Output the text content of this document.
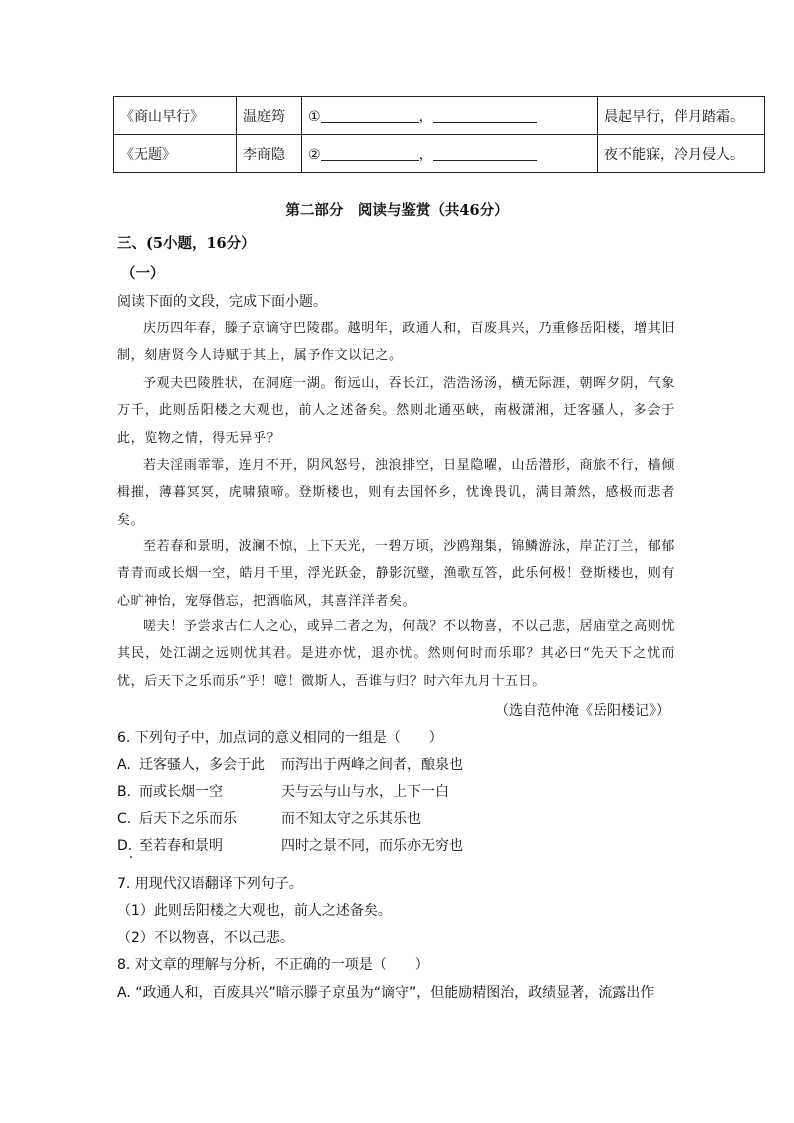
《商山早行》	温庭筠	① ，	晨起早行，伴月踏霜。
《无题》	李商隐	② ，	夜不能寐，冷月侵人。
第二部分　阅读与鉴赏（共46分）
三、(5小题，16分）
（一）
阅读下面的文段，完成下面小题。
庆历四年春，滕子京谪守巴陵郡。越明年，政通人和，百废具兴，乃重修岳阳楼，增其旧制，刻唐贤今人诗赋于其上，属予作文以记之。
予观夫巴陵胜状，在洞庭一湖。衔远山，吞长江，浩浩汤汤，横无际涯，朝晖夕阴，气象万千，此则岳阳楼之大观也，前人之述备矣。然则北通巫峡，南极潇湘，迁客骚人，多会于此，览物之情，得无异乎？
若夫淫雨霏霏，连月不开，阴风怒号，浊浪排空，日星隐曜，山岳潜形，商旅不行，樯倾楫摧，薄暮冥冥，虎啸猿啼。登斯楼也，则有去国怀乡，忧谗畏讥，满目萧然，感极而悲者矣。
至若春和景明，波澜不惊，上下天光，一碧万顷，沙鸥翔集，锦鳞游泳，岸芷汀兰，郁郁青青而或长烟一空，皓月千里，浮光跃金，静影沉璧，渔歌互答，此乐何极！登斯楼也，则有心旷神怡，宠辱偕忘，把酒临风，其喜洋洋者矣。
嗟夫！予尝求古仁人之心，或异二者之为，何哉？不以物喜，不以己悲，居庙堂之高则忧其民，处江湖之远则忧其君。是进亦忧，退亦忧。然则何时而乐耶？其必曰“先天下之忧而忧，后天下之乐而乐”乎！噫！微斯人，吾谁与归？时六年九月十五日。
（选自范仲淹《岳阳楼记》）
6. 下列句子中，加点词的意义相同的一组是（　　）
A. 迁客骚人，多会于此 而泻出于两峰之间者，酿泉也
B. 而或长烟一空	天与云与山与水，上下一白
C. 后天下之乐而乐	而不知太守之乐其乐也
D. 至若春和景明	四时之景不同，而乐亦无穷也
7. 用现代汉语翻译下列句子。
（1）此则岳阳楼之大观也，前人之述备矣。
（2）不以物喜，不以己悲。
8. 对文章的理解与分析，不正确的一项是（　　）
A. “政通人和，百废具兴”暗示滕子京虽为“谪守”，但能励精图治，政绩显著，流露出作
